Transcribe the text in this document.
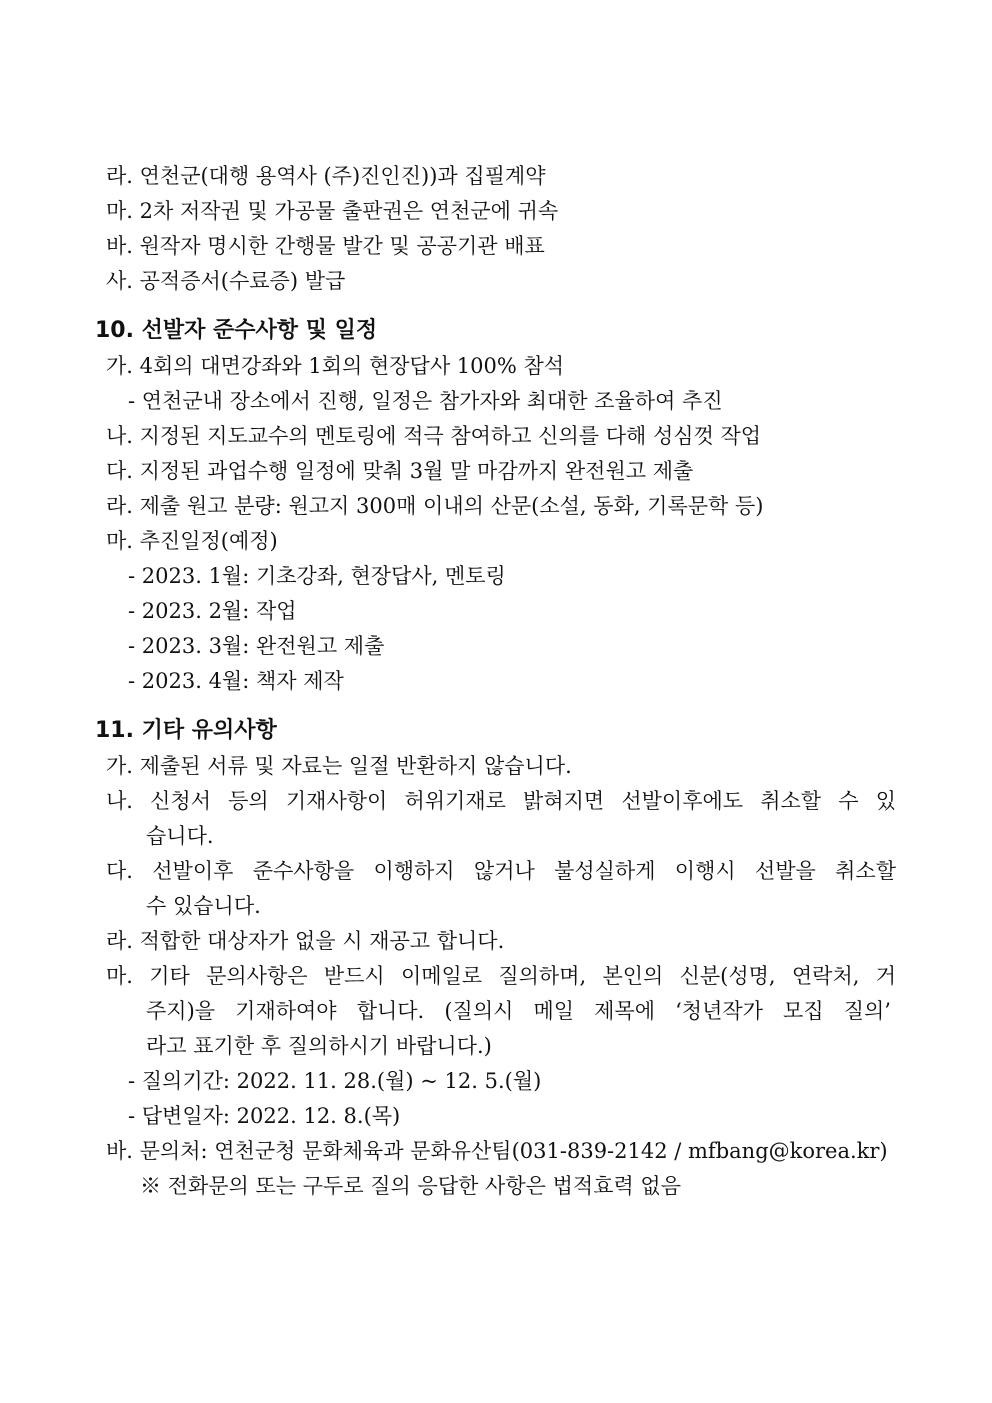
라. 연천군(대행 용역사 (주)진인진))과 집필계약
마. 2차 저작권 및 가공물 출판권은 연천군에 귀속
바. 원작자 명시한 간행물 발간 및 공공기관 배표
사. 공적증서(수료증) 발급
10. 선발자 준수사항 및 일정
가. 4회의 대면강좌와 1회의 현장답사 100% 참석
- 연천군내 장소에서 진행, 일정은 참가자와 최대한 조율하여 추진
나. 지정된 지도교수의 멘토링에 적극 참여하고 신의를 다해 성심껏 작업
다. 지정된 과업수행 일정에 맞춰 3월 말 마감까지 완전원고 제출
라. 제출 원고 분량: 원고지 300매 이내의 산문(소설, 동화, 기록문학 등)
마. 추진일정(예정)
- 2023. 1월: 기초강좌, 현장답사, 멘토링
- 2023. 2월: 작업
- 2023. 3월: 완전원고 제출
- 2023. 4월: 책자 제작
11. 기타 유의사항
가. 제출된 서류 및 자료는 일절 반환하지 않습니다.
나. 신청서 등의 기재사항이 허위기재로 밝혀지면 선발이후에도 취소할 수 있
습니다.
다. 선발이후 준수사항을 이행하지 않거나 불성실하게 이행시 선발을 취소할
수 있습니다.
라. 적합한 대상자가 없을 시 재공고 합니다.
마. 기타 문의사항은 받드시 이메일로 질의하며, 본인의 신분(성명, 연락처, 거
주지)을 기재하여야 합니다. (질의시 메일 제목에 ‘청년작가 모집 질의’
라고 표기한 후 질의하시기 바랍니다.)
- 질의기간: 2022. 11. 28.(월) ~ 12. 5.(월)
- 답변일자: 2022. 12. 8.(목)
바. 문의처: 연천군청 문화체육과 문화유산팀(031-839-2142 / mfbang@korea.kr)
※ 전화문의 또는 구두로 질의 응답한 사항은 법적효력 없음
